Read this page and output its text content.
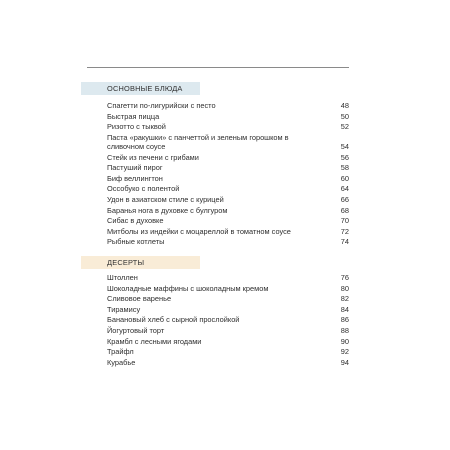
ОСНОВНЫЕ БЛЮДА
Спагетти по-лигурийски с песто	48
Быстрая пицца	50
Ризотто с тыквой	52
Паста «ракушки» с панчеттой и зеленым горошком в сливочном соусе	54
Стейк из печени с грибами	56
Пастуший пирог	58
Биф веллингтон	60
Оссобуко с полентой	64
Удон в азиатском стиле с курицей	66
Баранья нога в духовке с булгуром	68
Сибас в духовке	70
Митболы из индейки с моцареллой в томатном соусе	72
Рыбные котлеты	74
ДЕСЕРТЫ
Штоллен	76
Шоколадные маффины с шоколадным кремом	80
Сливовое варенье	82
Тирамису	84
Банановый хлеб с сырной прослойкой	86
Йогуртовый торт	88
Крамбл с лесными ягодами	90
Трайфл	92
Курабье	94
